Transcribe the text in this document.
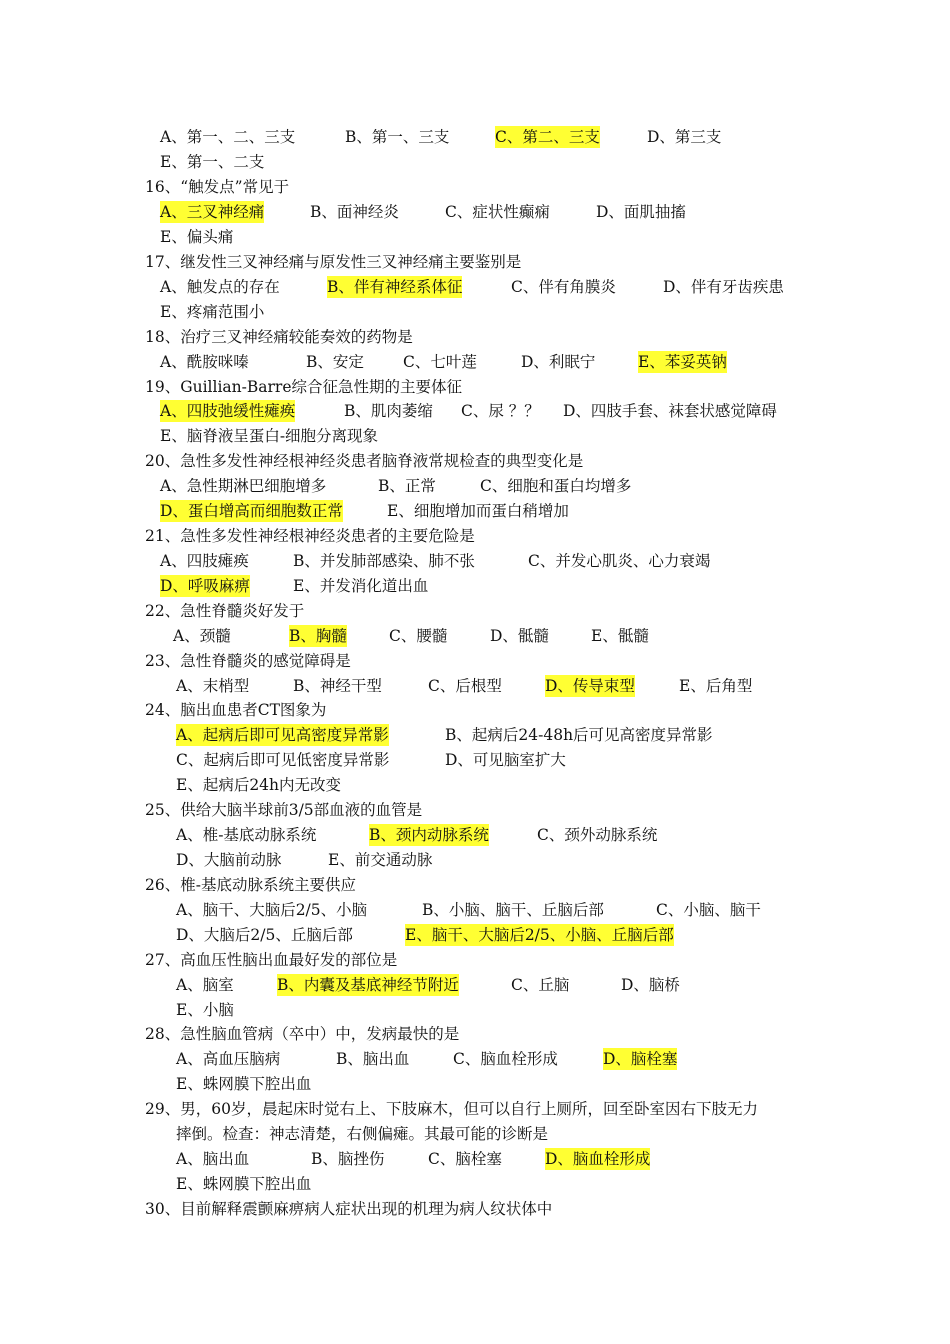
A、第一、二、三支	B、第一、三支	C、第二、三支	D、第三支
E、第一、二支
16、“触发点”常见于
A、三叉神经痛	B、面神经炎	C、症状性癫痫	D、面肌抽搐
E、偏头痛
17、继发性三叉神经痛与原发性三叉神经痛主要鉴别是
A、触发点的存在	B、伴有神经系体征	C、伴有角膜炎	D、伴有牙齿疾患
E、疼痛范围小
18、治疗三叉神经痛较能奏效的药物是
A、酰胺咪嗪	B、安定	C、七叶莲	D、利眠宁	E、苯妥英钠
19、Guillian-Barre综合征急性期的主要体征
A、四肢弛缓性瘫痪	B、肌肉萎缩 C、尿 ？？ D、四肢手套、袜套状感觉障碍
E、脑脊液呈蛋白-细胞分离现象
20、急性多发性神经根神经炎患者脑脊液常规检查的典型变化是
A、急性期淋巴细胞增多	B、正常	C、细胞和蛋白均增多
D、蛋白增高而细胞数正常	E、细胞增加而蛋白稍增加
21、急性多发性神经根神经炎患者的主要危险是
A、四肢瘫痪	B、并发肺部感染、肺不张	C、并发心肌炎、心力衰竭
D、呼吸麻痹	E、并发消化道出血
22、急性脊髓炎好发于
A、颈髓	B、胸髓	C、腰髓	D、骶髓	E、骶髓
23、急性脊髓炎的感觉障碍是
A、末梢型	B、神经干型	C、后根型	D、传导束型	E、后角型
24、脑出血患者CT图象为
A、起病后即可见高密度异常影	B、起病后24-48h后可见高密度异常影
C、起病后即可见低密度异常影	D、可见脑室扩大
E、起病后24h内无改变
25、供给大脑半球前3/5部血液的血管是
A、椎-基底动脉系统	B、颈内动脉系统	C、颈外动脉系统
D、大脑前动脉	E、前交通动脉
26、椎-基底动脉系统主要供应
A、脑干、大脑后2/5、小脑	B、小脑、脑干、丘脑后部	C、小脑、脑干
D、大脑后2/5、丘脑后部	E、脑干、大脑后2/5、小脑、丘脑后部
27、高血压性脑出血最好发的部位是
A、脑室	B、内囊及基底神经节附近	C、丘脑	D、脑桥
E、小脑
28、急性脑血管病（卒中）中，发病最快的是
A、高血压脑病	B、脑出血	C、脑血栓形成	D、脑栓塞
E、蛛网膜下腔出血
29、男，60岁，晨起床时觉右上、下肢麻木，但可以自行上厕所，回至卧室因右下肢无力
摔倒。检查：神志清楚，右侧偏瘫。其最可能的诊断是
A、脑出血	B、脑挫伤	C、脑栓塞	D、脑血栓形成
E、蛛网膜下腔出血
30、目前解释震颤麻痹病人症状出现的机理为病人纹状体中
